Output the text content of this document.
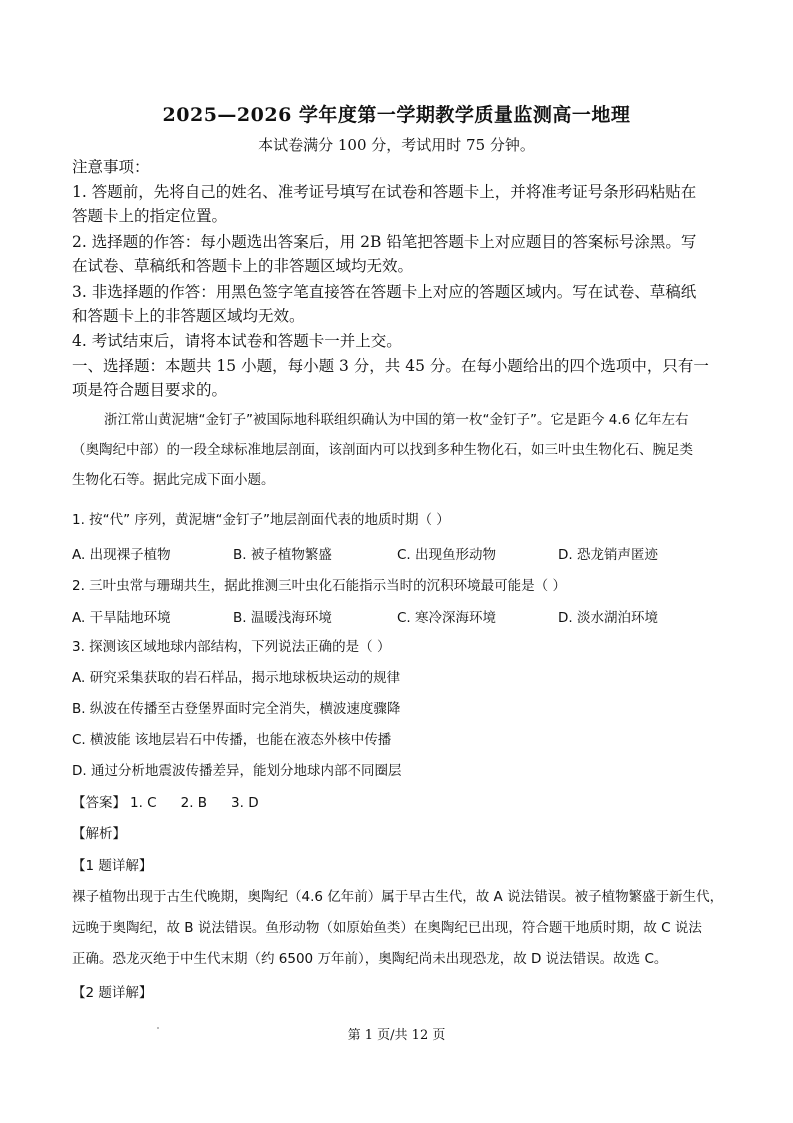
2025—2026 学年度第一学期教学质量监测高一地理
本试卷满分 100 分，考试用时 75 分钟。
注意事项：
1. 答题前，先将自己的姓名、准考证号填写在试卷和答题卡上，并将准考证号条形码粘贴在
答题卡上的指定位置。
2. 选择题的作答：每小题选出答案后，用 2B 铅笔把答题卡上对应题目的答案标号涂黑。写
在试卷、草稿纸和答题卡上的非答题区域均无效。
3. 非选择题的作答：用黑色签字笔直接答在答题卡上对应的答题区域内。写在试卷、草稿纸
和答题卡上的非答题区域均无效。
4. 考试结束后，请将本试卷和答题卡一并上交。
一、选择题：本题共 15 小题，每小题 3 分，共 45 分。在每小题给出的四个选项中，只有一
项是符合题目要求的。
浙江常山黄泥塘“金钉子”被国际地科联组织确认为中国的第一枚“金钉子”。它是距今 4.6 亿年左右
（奥陶纪中部）的一段全球标准地层剖面，该剖面内可以找到多种生物化石，如三叶虫生物化石、腕足类
生物化石等。据此完成下面小题。
1. 按“代” 序列，黄泥塘“金钉子”地层剖面代表的地质时期（ ）
A. 出现裸子植物	B. 被子植物繁盛	C. 出现鱼形动物	D. 恐龙销声匿迹
2. 三叶虫常与珊瑚共生，据此推测三叶虫化石能指示当时的沉积环境最可能是（ ）
A. 干旱陆地环境	B. 温暖浅海环境	C. 寒冷深海环境	D. 淡水湖泊环境
3. 探测该区域地球内部结构，下列说法正确的是（ ）
A. 研究采集获取的岩石样品，揭示地球板块运动的规律
B. 纵波在传播至古登堡界面时完全消失，横波速度骤降
C. 横波能 该地层岩石中传播，也能在液态外核中传播
D. 通过分析地震波传播差异，能划分地球内部不同圈层
【答案】 1. C 2. B 3. D
【解析】
【1 题详解】
裸子植物出现于古生代晚期，奥陶纪（4.6 亿年前）属于早古生代，故 A 说法错误。被子植物繁盛于新生代，
远晚于奥陶纪，故 B 说法错误。鱼形动物（如原始鱼类）在奥陶纪已出现，符合题干地质时期，故 C 说法
正确。恐龙灭绝于中生代末期（约 6500 万年前），奥陶纪尚未出现恐龙，故 D 说法错误。故选 C。
【2 题详解】
第 1 页/共 12 页
